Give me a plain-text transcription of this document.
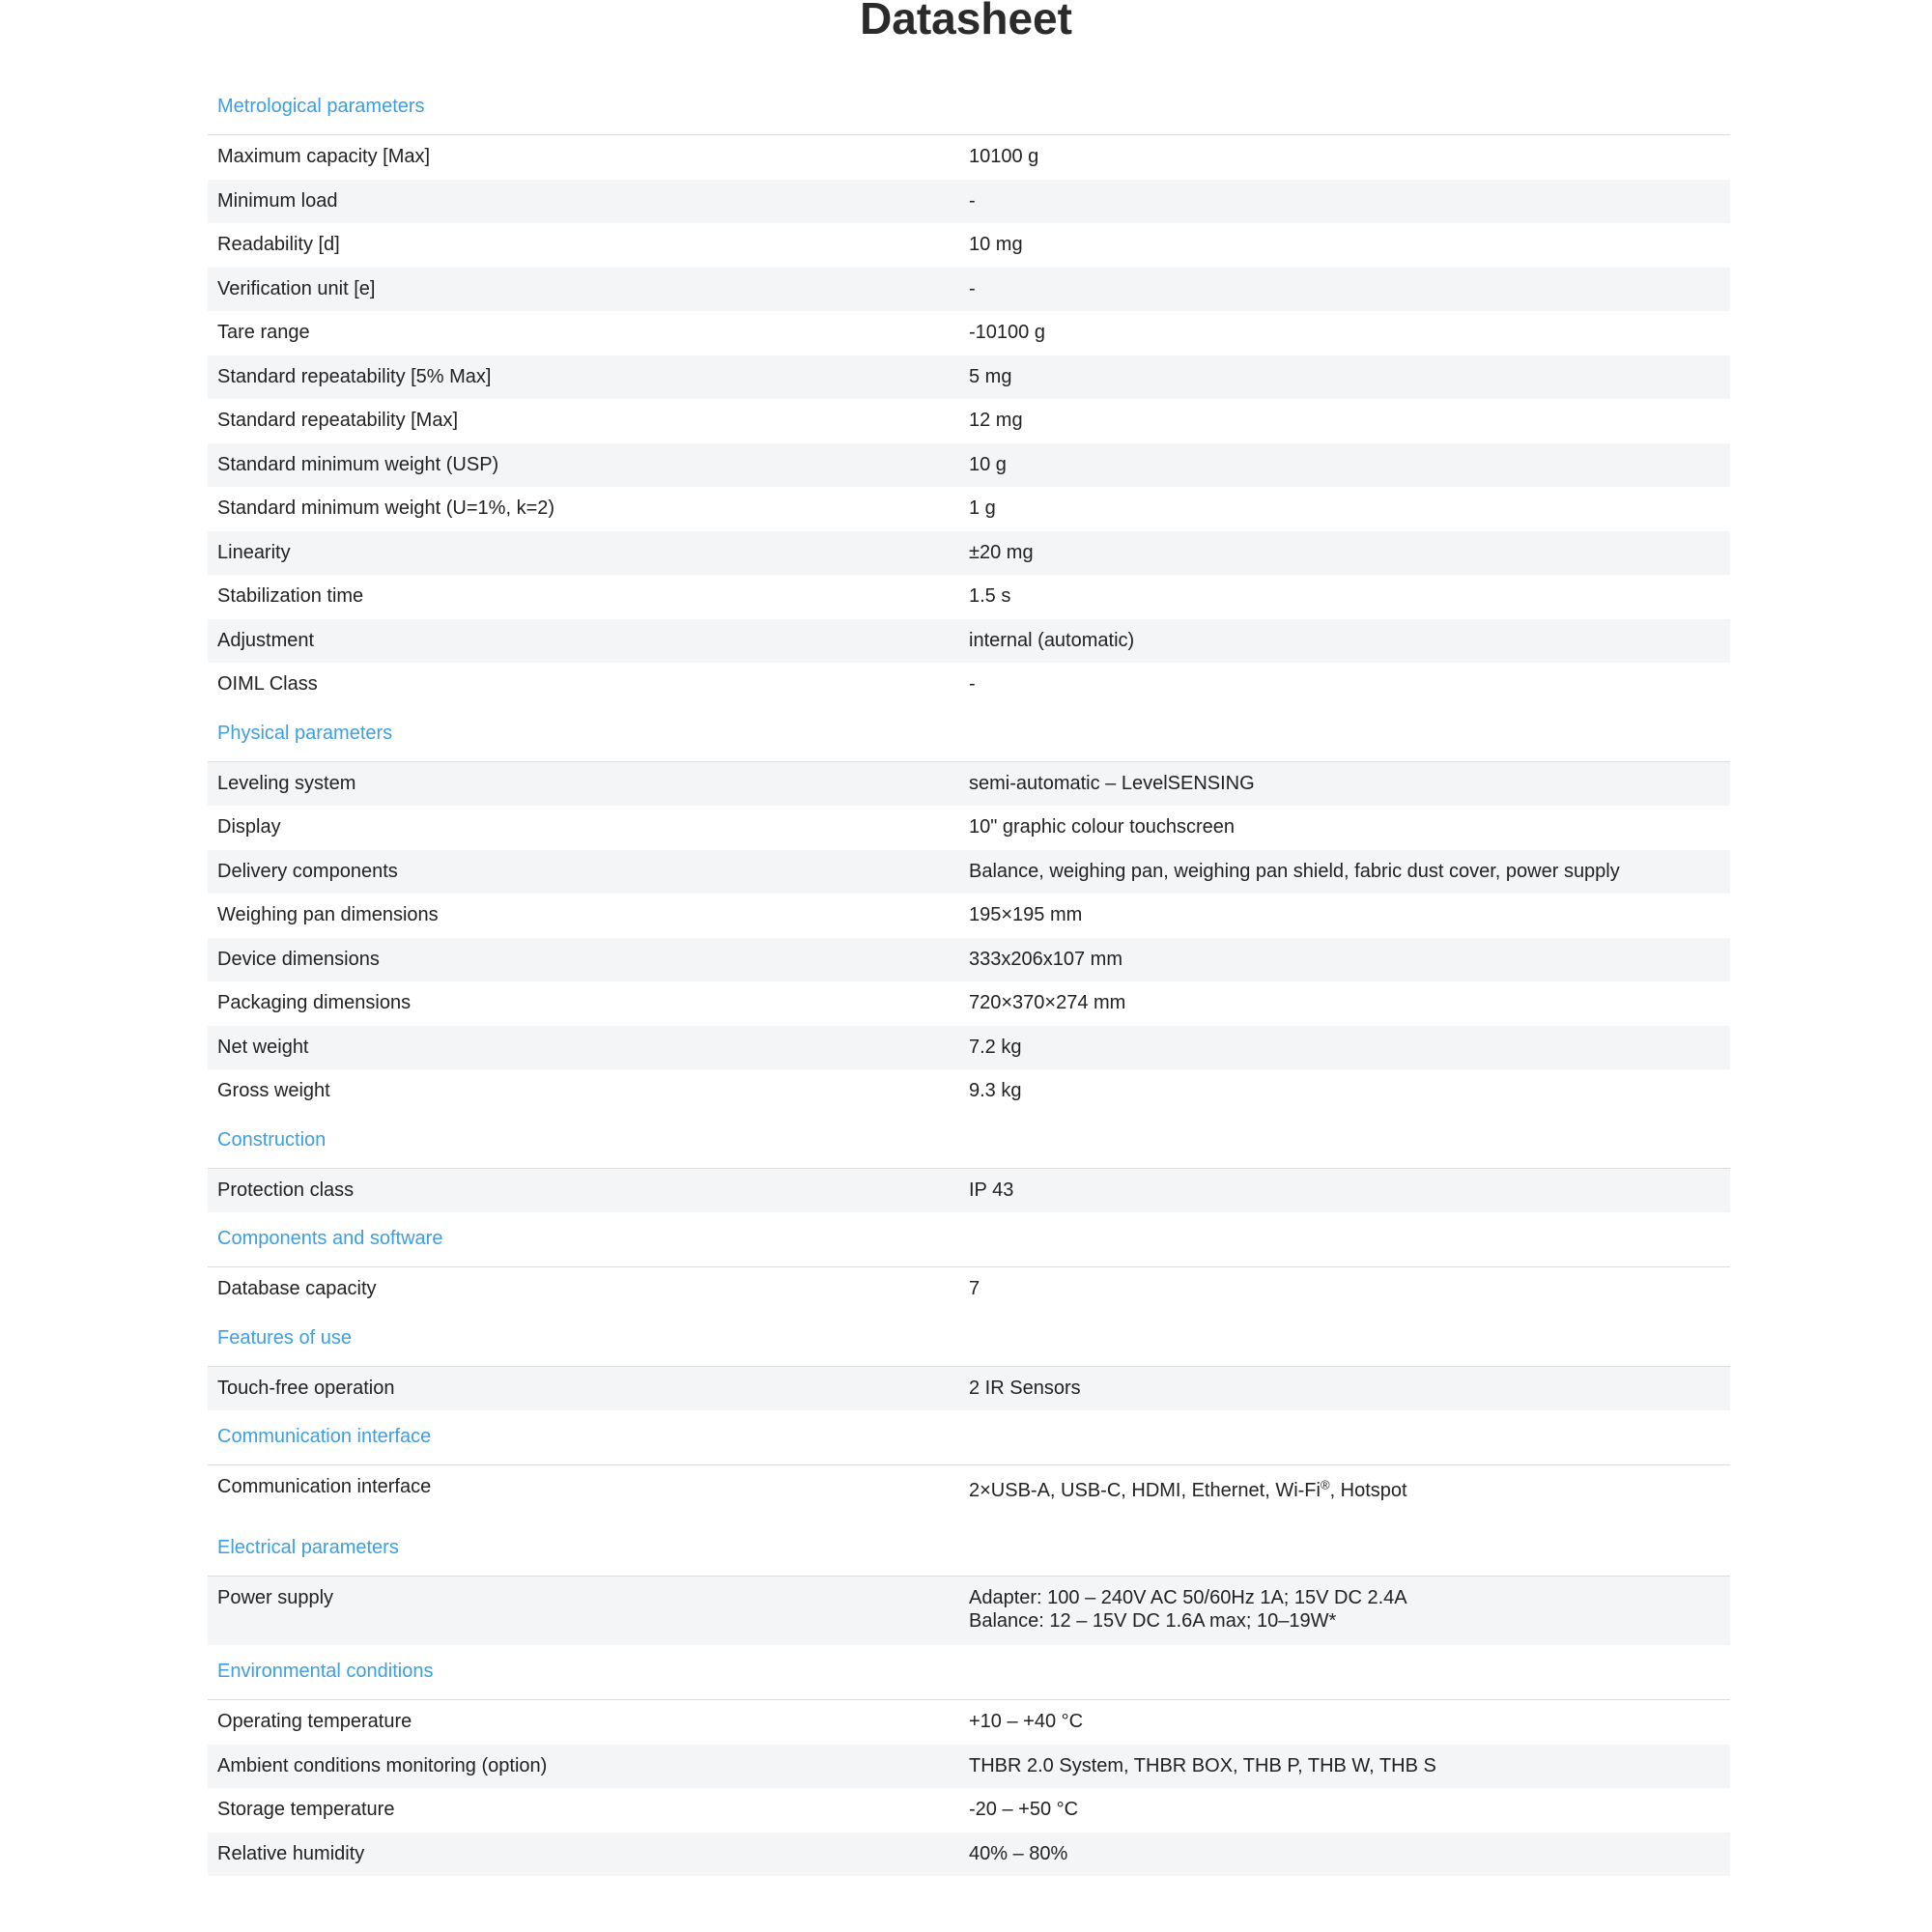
Datasheet
Metrological parameters
Maximum capacity [Max]	10100 g
Minimum load	-
Readability [d]	10 mg
Verification unit [e]	-
Tare range	-10100 g
Standard repeatability [5% Max]	5 mg
Standard repeatability [Max]	12 mg
Standard minimum weight (USP)	10 g
Standard minimum weight (U=1%, k=2)	1 g
Linearity	±20 mg
Stabilization time	1.5 s
Adjustment	internal (automatic)
OIML Class	-
Physical parameters
Leveling system	semi-automatic – LevelSENSING
Display	10" graphic colour touchscreen
Delivery components	Balance, weighing pan, weighing pan shield, fabric dust cover, power supply
Weighing pan dimensions	195×195 mm
Device dimensions	333x206x107 mm
Packaging dimensions	720×370×274 mm
Net weight	7.2 kg
Gross weight	9.3 kg
Construction
Protection class	IP 43
Components and software
Database capacity	7
Features of use
Touch-free operation	2 IR Sensors
Communication interface
Communication interface	2×USB-A, USB-C, HDMI, Ethernet, Wi-Fi®, Hotspot
Electrical parameters
Power supply	Adapter: 100 – 240V AC 50/60Hz 1A; 15V DC 2.4A
Balance: 12 – 15V DC 1.6A max; 10–19W*
Environmental conditions
Operating temperature	+10 – +40 °C
Ambient conditions monitoring (option)	THBR 2.0 System, THBR BOX, THB P, THB W, THB S
Storage temperature	-20 – +50 °C
Relative humidity	40% – 80%
